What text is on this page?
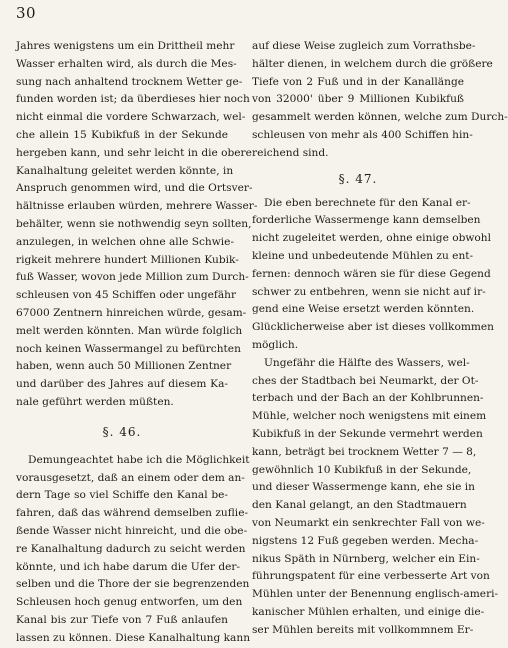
30
Jahres wenigstens um ein Drittheil mehr
Wasser erhalten wird, als durch die Mes-
sung nach anhaltend trocknem Wetter ge-
funden worden ist; da überdieses hier noch
nicht einmal die vordere Schwarzach, wel-
che allein 15 Kubikfuß in der Sekunde
hergeben kann, und sehr leicht in die obere
Kanalhaltung geleitet werden könnte, in
Anspruch genommen wird, und die Ortsver-
hältnisse erlauben würden, mehrere Wasser-
behälter, wenn sie nothwendig seyn sollten,
anzulegen, in welchen ohne alle Schwie-
rigkeit mehrere hundert Millionen Kubik-
fuß Wasser, wovon jede Million zum Durch-
schleusen von 45 Schiffen oder ungefähr
67000 Zentnern hinreichen würde, gesam-
melt werden könnten. Man würde folglich
noch keinen Wassermangel zu befürchten
haben, wenn auch 50 Millionen Zentner
und darüber des Jahres auf diesem Ka-
nale geführt werden müßten.
§. 46.
Demungeachtet habe ich die Möglichkeit
vorausgesetzt, daß an einem oder dem an-
dern Tage so viel Schiffe den Kanal be-
fahren, daß das während demselben zuflie-
ßende Wasser nicht hinreicht, und die obe-
re Kanalhaltung dadurch zu seicht werden
könnte, und ich habe darum die Ufer der-
selben und die Thore der sie begrenzenden
Schleusen hoch genug entworfen, um den
Kanal bis zur Tiefe von 7 Fuß anlaufen
lassen zu können. Diese Kanalhaltung kann
auf diese Weise zugleich zum Vorrathsbe-
hälter dienen, in welchem durch die größere
Tiefe von 2 Fuß und in der Kanallänge
von 32000' über 9 Millionen Kubikfuß
gesammelt werden können, welche zum Durch-
schleusen von mehr als 400 Schiffen hin-
reichend sind.
§. 47.
Die eben berechnete für den Kanal er-
forderliche Wassermenge kann demselben
nicht zugeleitet werden, ohne einige obwohl
kleine und unbedeutende Mühlen zu ent-
fernen: dennoch wären sie für diese Gegend
schwer zu entbehren, wenn sie nicht auf ir-
gend eine Weise ersetzt werden könnten.
Glücklicherweise aber ist dieses vollkommen
möglich.
Ungefähr die Hälfte des Wassers, wel-
ches der Stadtbach bei Neumarkt, der Ot-
terbach und der Bach an der Kohlbrunnen-
Mühle, welcher noch wenigstens mit einem
Kubikfuß in der Sekunde vermehrt werden
kann, beträgt bei trocknem Wetter 7 — 8,
gewöhnlich 10 Kubikfuß in der Sekunde,
und dieser Wassermenge kann, ehe sie in
den Kanal gelangt, an den Stadtmauern
von Neumarkt ein senkrechter Fall von we-
nigstens 12 Fuß gegeben werden. Mecha-
nikus Späth in Nürnberg, welcher ein Ein-
führungspatent für eine verbesserte Art von
Mühlen unter der Benennung englisch-ameri-
kanischer Mühlen erhalten, und einige die-
ser Mühlen bereits mit vollkommnem Er-
